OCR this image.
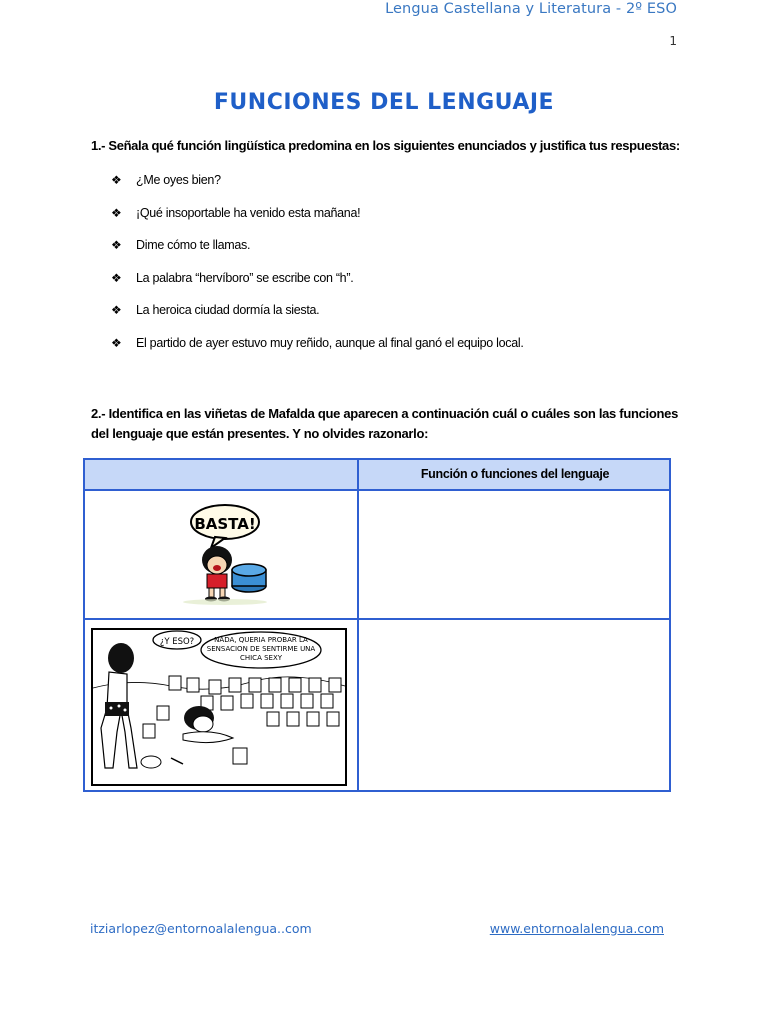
Lengua Castellana y Literatura - 2º ESO
1
FUNCIONES DEL LENGUAJE
1.- Señala qué función lingüística predomina en los siguientes enunciados y justifica tus respuestas:
❖	¿Me oyes bien?
❖	¡Qué insoportable ha venido esta mañana!
❖	Dime cómo te llamas.
❖	La palabra “hervíboro” se escribe con “h”.
❖	La heroica ciudad dormía la siesta.
❖	El partido de ayer estuvo muy reñido, aunque al final ganó el equipo local.
2.- Identifica en las viñetas de Mafalda que aparecen a continuación cuál o cuáles son las funciones del lenguaje que están presentes. Y no olvides razonarlo:
Función o funciones del lenguaje
BASTA!
¿Y ESO?	NADA, QUERIA PROBAR LA
SENSACION DE SENTIRME UNA
CHICA SEXY
itziarlopez@entornoalalengua..com	www.entornoalalengua.com
